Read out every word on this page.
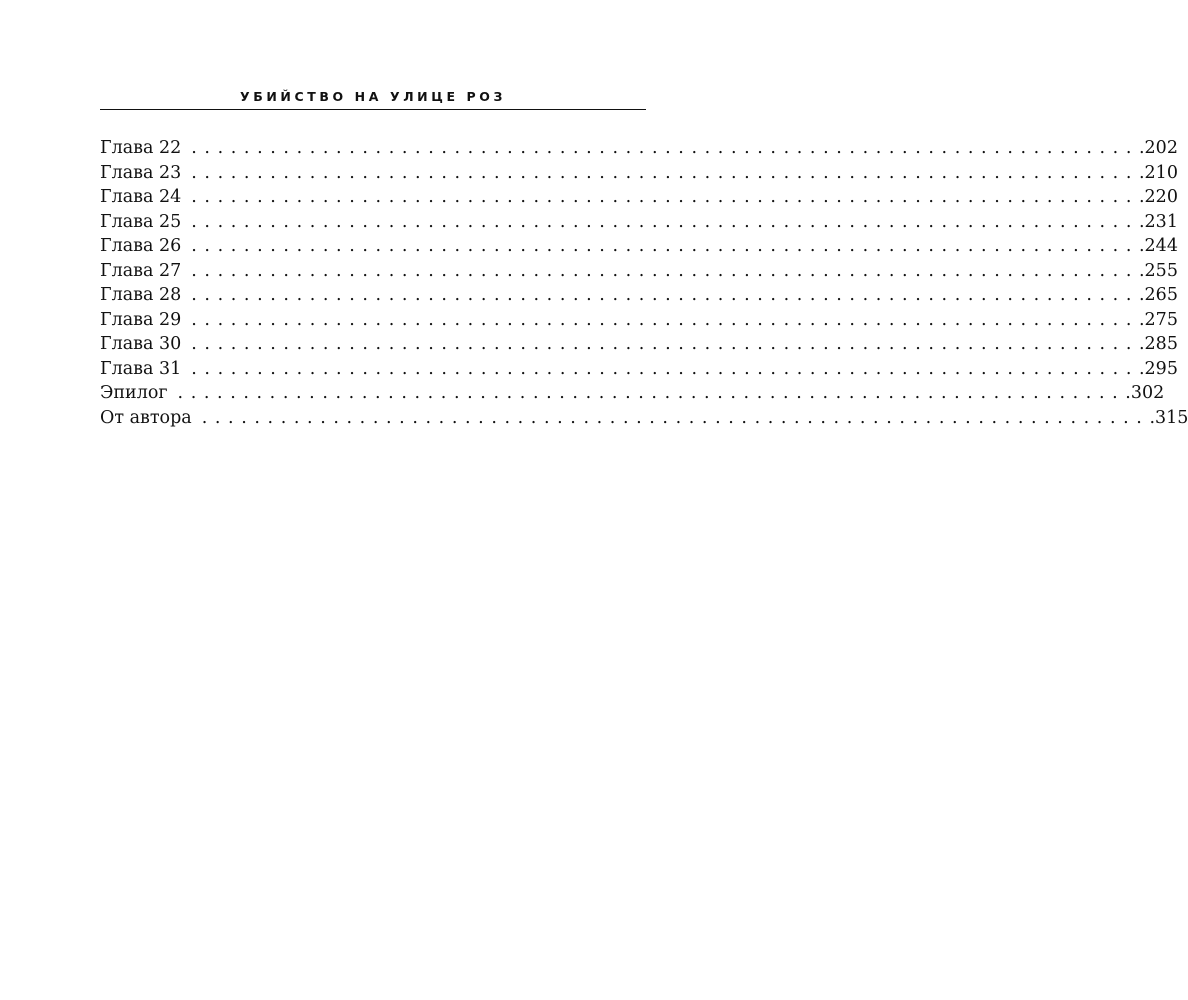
УБИЙСТВО НА УЛИЦЕ РОЗ
Глава 22 ........................................................................ .202
Глава 23 ........................................................................ .210
Глава 24 ........................................................................ .220
Глава 25 ........................................................................ .231
Глава 26 ........................................................................ .244
Глава 27 ........................................................................ .255
Глава 28 ........................................................................ .265
Глава 29 ........................................................................ .275
Глава 30 ........................................................................ .285
Глава 31 ........................................................................ .295
Эпилог ........................................................................ .302
От автора ........................................................................ .315
